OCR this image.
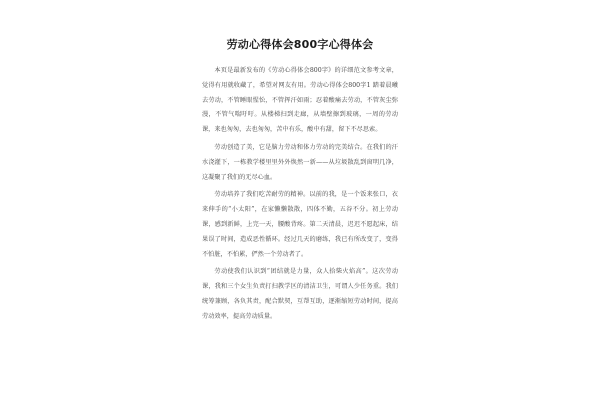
劳动心得体会800字心得体会

本页是最新发布的《劳动心得体会800字》的详细范文参考文章，觉得有用就收藏了，希望对网友有用。劳动心得体会800字1 踏着晨曦去劳动，不管睡眼惺忪，不管挥汗如雨；忍着酸痛去劳动，不管灰尘弥漫，不管气喘吁吁。从楼梯扫到走廊，从墙壁擦到玻璃，一周的劳动课，来也匆匆，去也匆匆，苦中有乐，酸中有甜，留下不尽思索。

劳动创造了美，它是脑力劳动和体力劳动的完美结合。在我们的汗水浇灌下，一栋教学楼里里外外焕然一新——从垃圾散乱到窗明几净，这凝聚了我们的无尽心血。

劳动培养了我们吃苦耐劳的精神。以前的我，是一个饭来张口，衣来伸手的“小太阳”，在家懒懒散散，四体不勤，五谷不分。初上劳动课，感到新鲜，上完一天，腰酸背疼。第二天清晨，迟迟不愿起床，结果误了时间，造成恶性循环。经过几天的磨练，我已有所改变了，变得不怕脏，不怕累，俨然一个劳动者了。

劳动使我们认识到“团结就是力量，众人拾柴火焰高”。这次劳动课，我和三个女生负责打扫教学区的清洁卫生，可谓人少任务重。我们统筹兼顾，各负其责，配合默契，互帮互助，逐渐缩短劳动时间，提高劳动效率，提高劳动质量。
